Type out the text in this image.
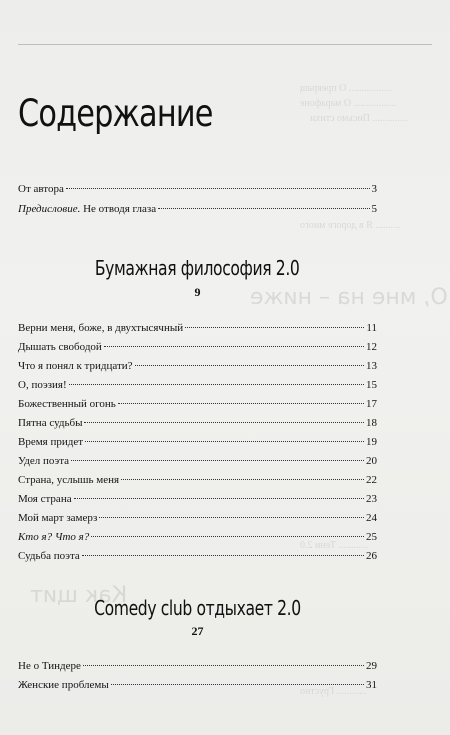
................. О превращ
................. О марафоне
.............. Письмо стихи
.......... Я в дороге много
О, мне на – ниже
Как щит
............ Тени 2.0
............ Грустно
Содержание
От автора	3
Предисловие. Не отводя глаза	5
Бумажная философия 2.0
9
Верни меня, боже, в двухтысячный	11
Дышать свободой	12
Что я понял к тридцати?	13
О, поэзия!	15
Божественный огонь	17
Пятна судьбы	18
Время придет	19
Удел поэта	20
Страна, услышь меня	22
Моя страна	23
Мой март замерз	24
Кто я? Что я?	25
Судьба поэта	26
Comedy club отдыхает 2.0
27
Не о Тиндере	29
Женские проблемы	31
